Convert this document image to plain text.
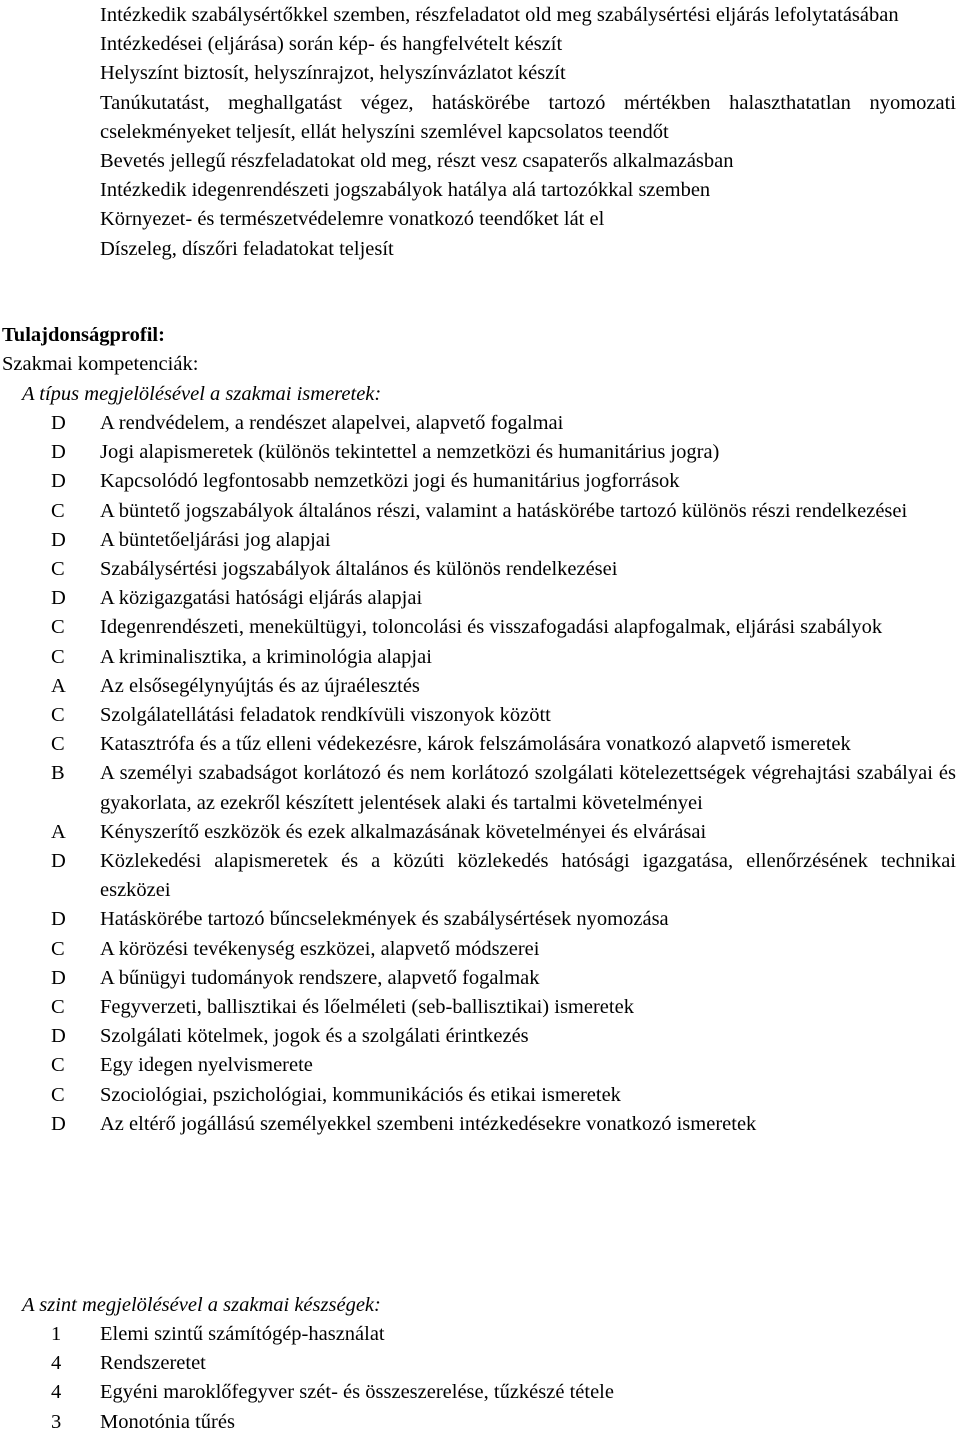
Intézkedik szabálysértőkkel szemben, részfeladatot old meg szabálysértési eljárás lefolytatásában

Intézkedései (eljárása) során kép- és hangfelvételt készít

Helyszínt biztosít, helyszínrajzot, helyszínvázlatot készít

Tanúkutatást, meghallgatást végez, hatáskörébe tartozó mértékben halaszthatatlan nyomozati cselekményeket teljesít, ellát helyszíni szemlével kapcsolatos teendőt

Bevetés jellegű részfeladatokat old meg, részt vesz csapaterős alkalmazásban

Intézkedik idegenrendészeti jogszabályok hatálya alá tartozókkal szemben

Környezet- és természetvédelemre vonatkozó teendőket lát el

Díszeleg, díszőri feladatokat teljesít

Tulajdonságprofil:

Szakmai kompetenciák:

A típus megjelölésével a szakmai ismeretek:

D	A rendvédelem, a rendészet alapelvei, alapvető fogalmai
D	Jogi alapismeretek (különös tekintettel a nemzetközi és humanitárius jogra)
D	Kapcsolódó legfontosabb nemzetközi jogi és humanitárius jogforrások
C	A büntető jogszabályok általános részi, valamint a hatáskörébe tartozó különös részi rendelkezései
D	A büntetőeljárási jog alapjai
C	Szabálysértési jogszabályok általános és különös rendelkezései
D	A közigazgatási hatósági eljárás alapjai
C	Idegenrendészeti, menekültügyi, toloncolási és visszafogadási alapfogalmak, eljárási szabályok
C	A kriminalisztika, a kriminológia alapjai
A	Az elsősegélynyújtás és az újraélesztés
C	Szolgálatellátási feladatok rendkívüli viszonyok között
C	Katasztrófa és a tűz elleni védekezésre, károk felszámolására vonatkozó alapvető ismeretek
B	A személyi szabadságot korlátozó és nem korlátozó szolgálati kötelezettségek végrehajtási szabályai és gyakorlata, az ezekről készített jelentések alaki és tartalmi követelményei
A	Kényszerítő eszközök és ezek alkalmazásának követelményei és elvárásai
D	Közlekedési alapismeretek és a közúti közlekedés hatósági igazgatása, ellenőrzésének technikai eszközei
D	Hatáskörébe tartozó bűncselekmények és szabálysértések nyomozása
C	A körözési tevékenység eszközei, alapvető módszerei
D	A bűnügyi tudományok rendszere, alapvető fogalmak
C	Fegyverzeti, ballisztikai és lőelméleti (seb-ballisztikai) ismeretek
D	Szolgálati kötelmek, jogok és a szolgálati érintkezés
C	Egy idegen nyelvismerete
C	Szociológiai, pszichológiai, kommunikációs és etikai ismeretek
D	Az eltérő jogállású személyekkel szembeni intézkedésekre vonatkozó ismeretek

A szint megjelölésével a szakmai készségek:

1	Elemi szintű számítógép-használat
4	Rendszeretet
4	Egyéni maroklőfegyver szét- és összeszerelése, tűzkészé tétele
3	Monotónia tűrés
